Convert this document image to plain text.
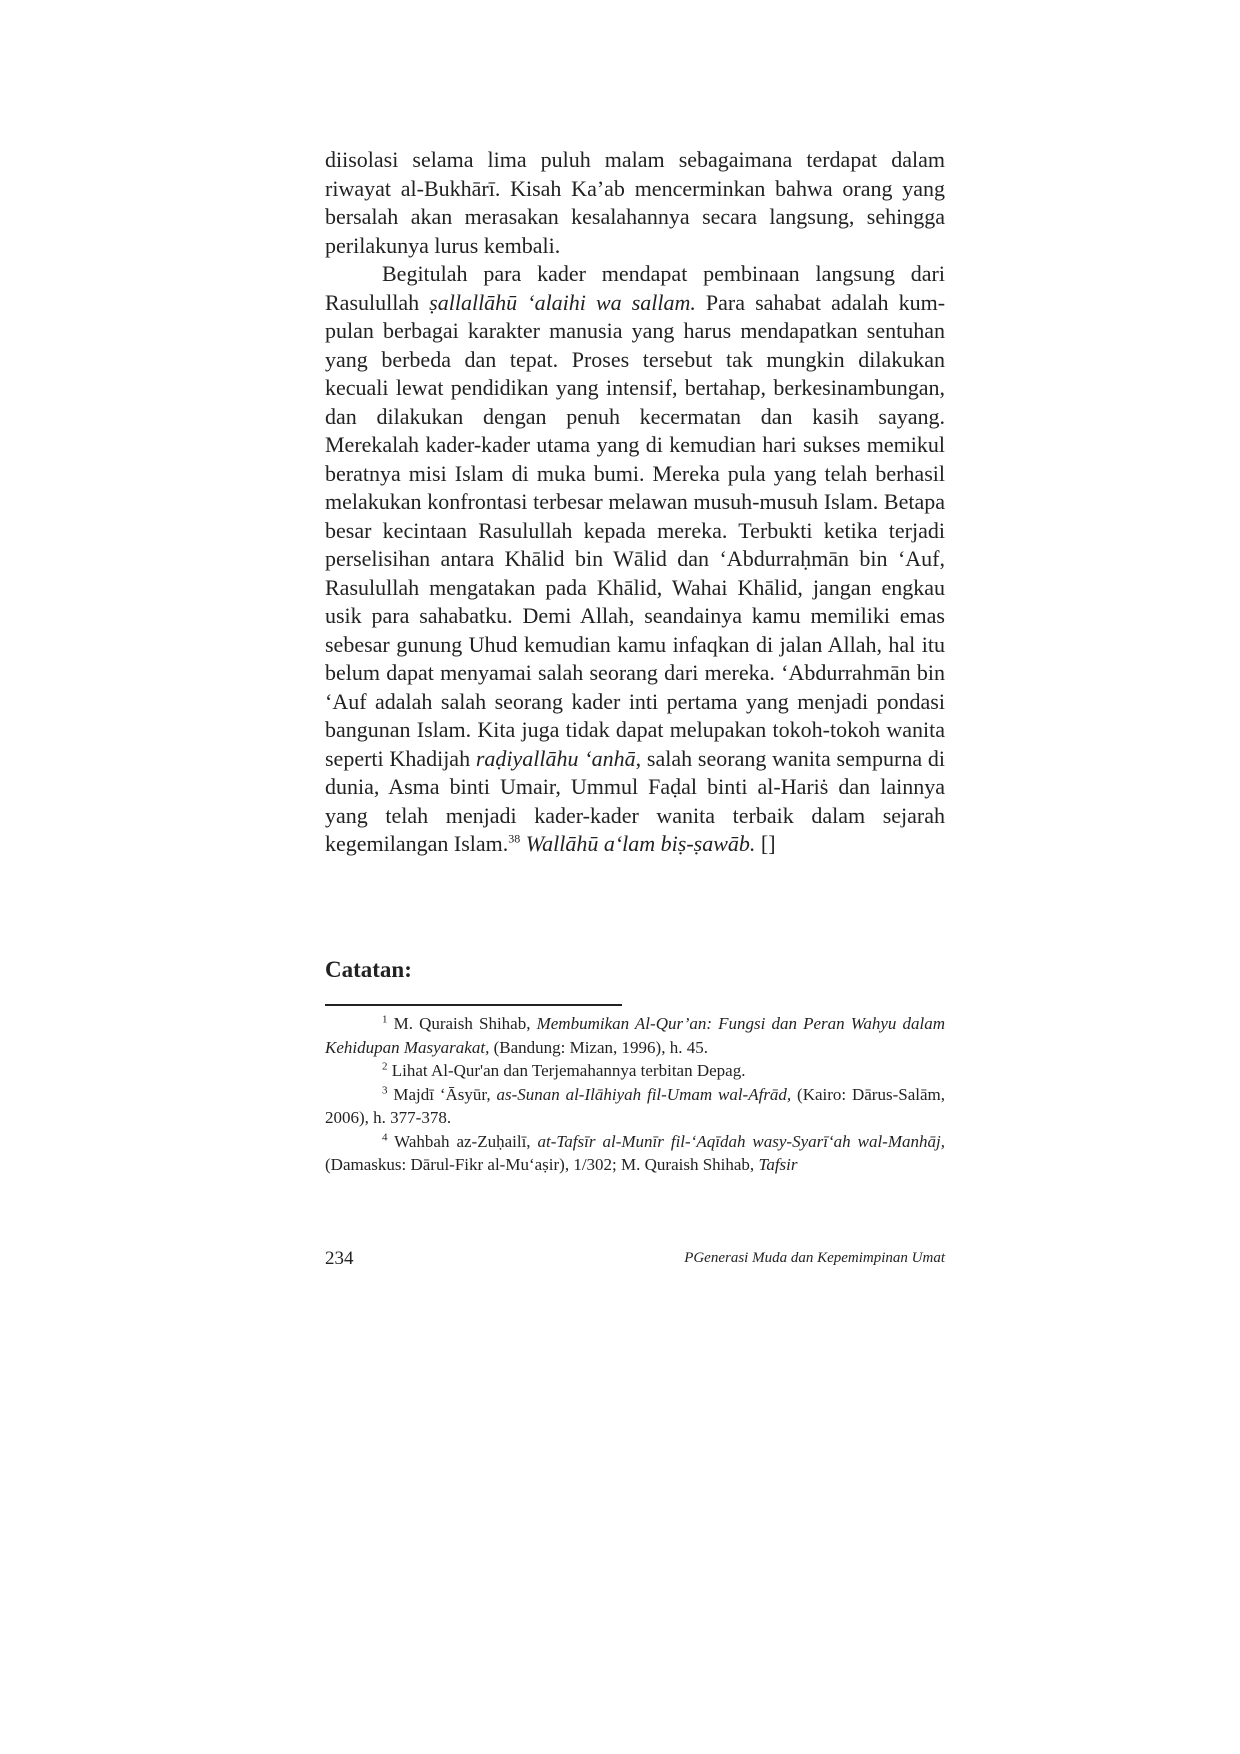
diisolasi selama lima puluh malam sebagaimana terdapat dalam riwayat al-Bukhārī. Kisah Ka’ab mencerminkan bahwa orang yang bersalah akan merasakan kesalahannya secara langsung, sehingga perilakunya lurus kembali.

Begitulah para kader mendapat pembinaan langsung dari Rasulullah ṣallallāhū ‘alaihi wa sallam. Para sahabat adalah kumpulan berbagai karakter manusia yang harus mendapatkan sentuhan yang berbeda dan tepat. Proses tersebut tak mungkin dilakukan kecuali lewat pendidikan yang intensif, bertahap, berkesinambungan, dan dilakukan dengan penuh kecermatan dan kasih sayang. Merekalah kader-kader utama yang di kemudian hari sukses memikul beratnya misi Islam di muka bumi. Mereka pula yang telah berhasil melakukan konfrontasi terbesar melawan musuh-musuh Islam. Betapa besar kecintaan Rasulullah kepada mereka. Terbukti ketika terjadi perselisihan antara Khālid bin Wālid dan ‘Abdurraḥmān bin ‘Auf, Rasulullah mengatakan pada Khālid, Wahai Khālid, jangan engkau usik para sahabatku. Demi Allah, seandainya kamu memiliki emas sebesar gunung Uhud kemudian kamu infaqkan di jalan Allah, hal itu belum dapat menyamai salah seorang dari mereka. ‘Abdurrahmān bin ‘Auf adalah salah seorang kader inti pertama yang menjadi pondasi bangunan Islam. Kita juga tidak dapat melupakan tokoh-tokoh wanita seperti Khadijah raḍiyallāhu ‘anhā, salah seorang wanita sempurna di dunia, Asma binti Umair, Ummul Faḍal binti al-Hariṡ dan lainnya yang telah menjadi kader-kader wanita terbaik dalam sejarah kegemilangan Islam.$^{38}$ Wallāhū a‘lam biṣ-ṣawāb. []

Catatan:

$^1$ M. Quraish Shihab, Membumikan Al-Qur’an: Fungsi dan Peran Wahyu dalam Kehidupan Masyarakat, (Bandung: Mizan, 1996), h. 45.

$^2$ Lihat Al-Qur'an dan Terjemahannya terbitan Depag.

$^3$ Majdī ‘Āsyūr, as-Sunan al-Ilāhiyah fil-Umam wal-Afrād, (Kairo: Dārus-Salām, 2006), h. 377-378.

$^4$ Wahbah az-Zuḥailī, at-Tafsīr al-Munīr fil-‘Aqīdah wasy-Syarī‘ah wal-Manhāj, (Damaskus: Dārul-Fikr al-Mu‘aṣir), 1/302; M. Quraish Shihab, Tafsir

234	PGenerasi Muda dan Kepemimpinan Umat
